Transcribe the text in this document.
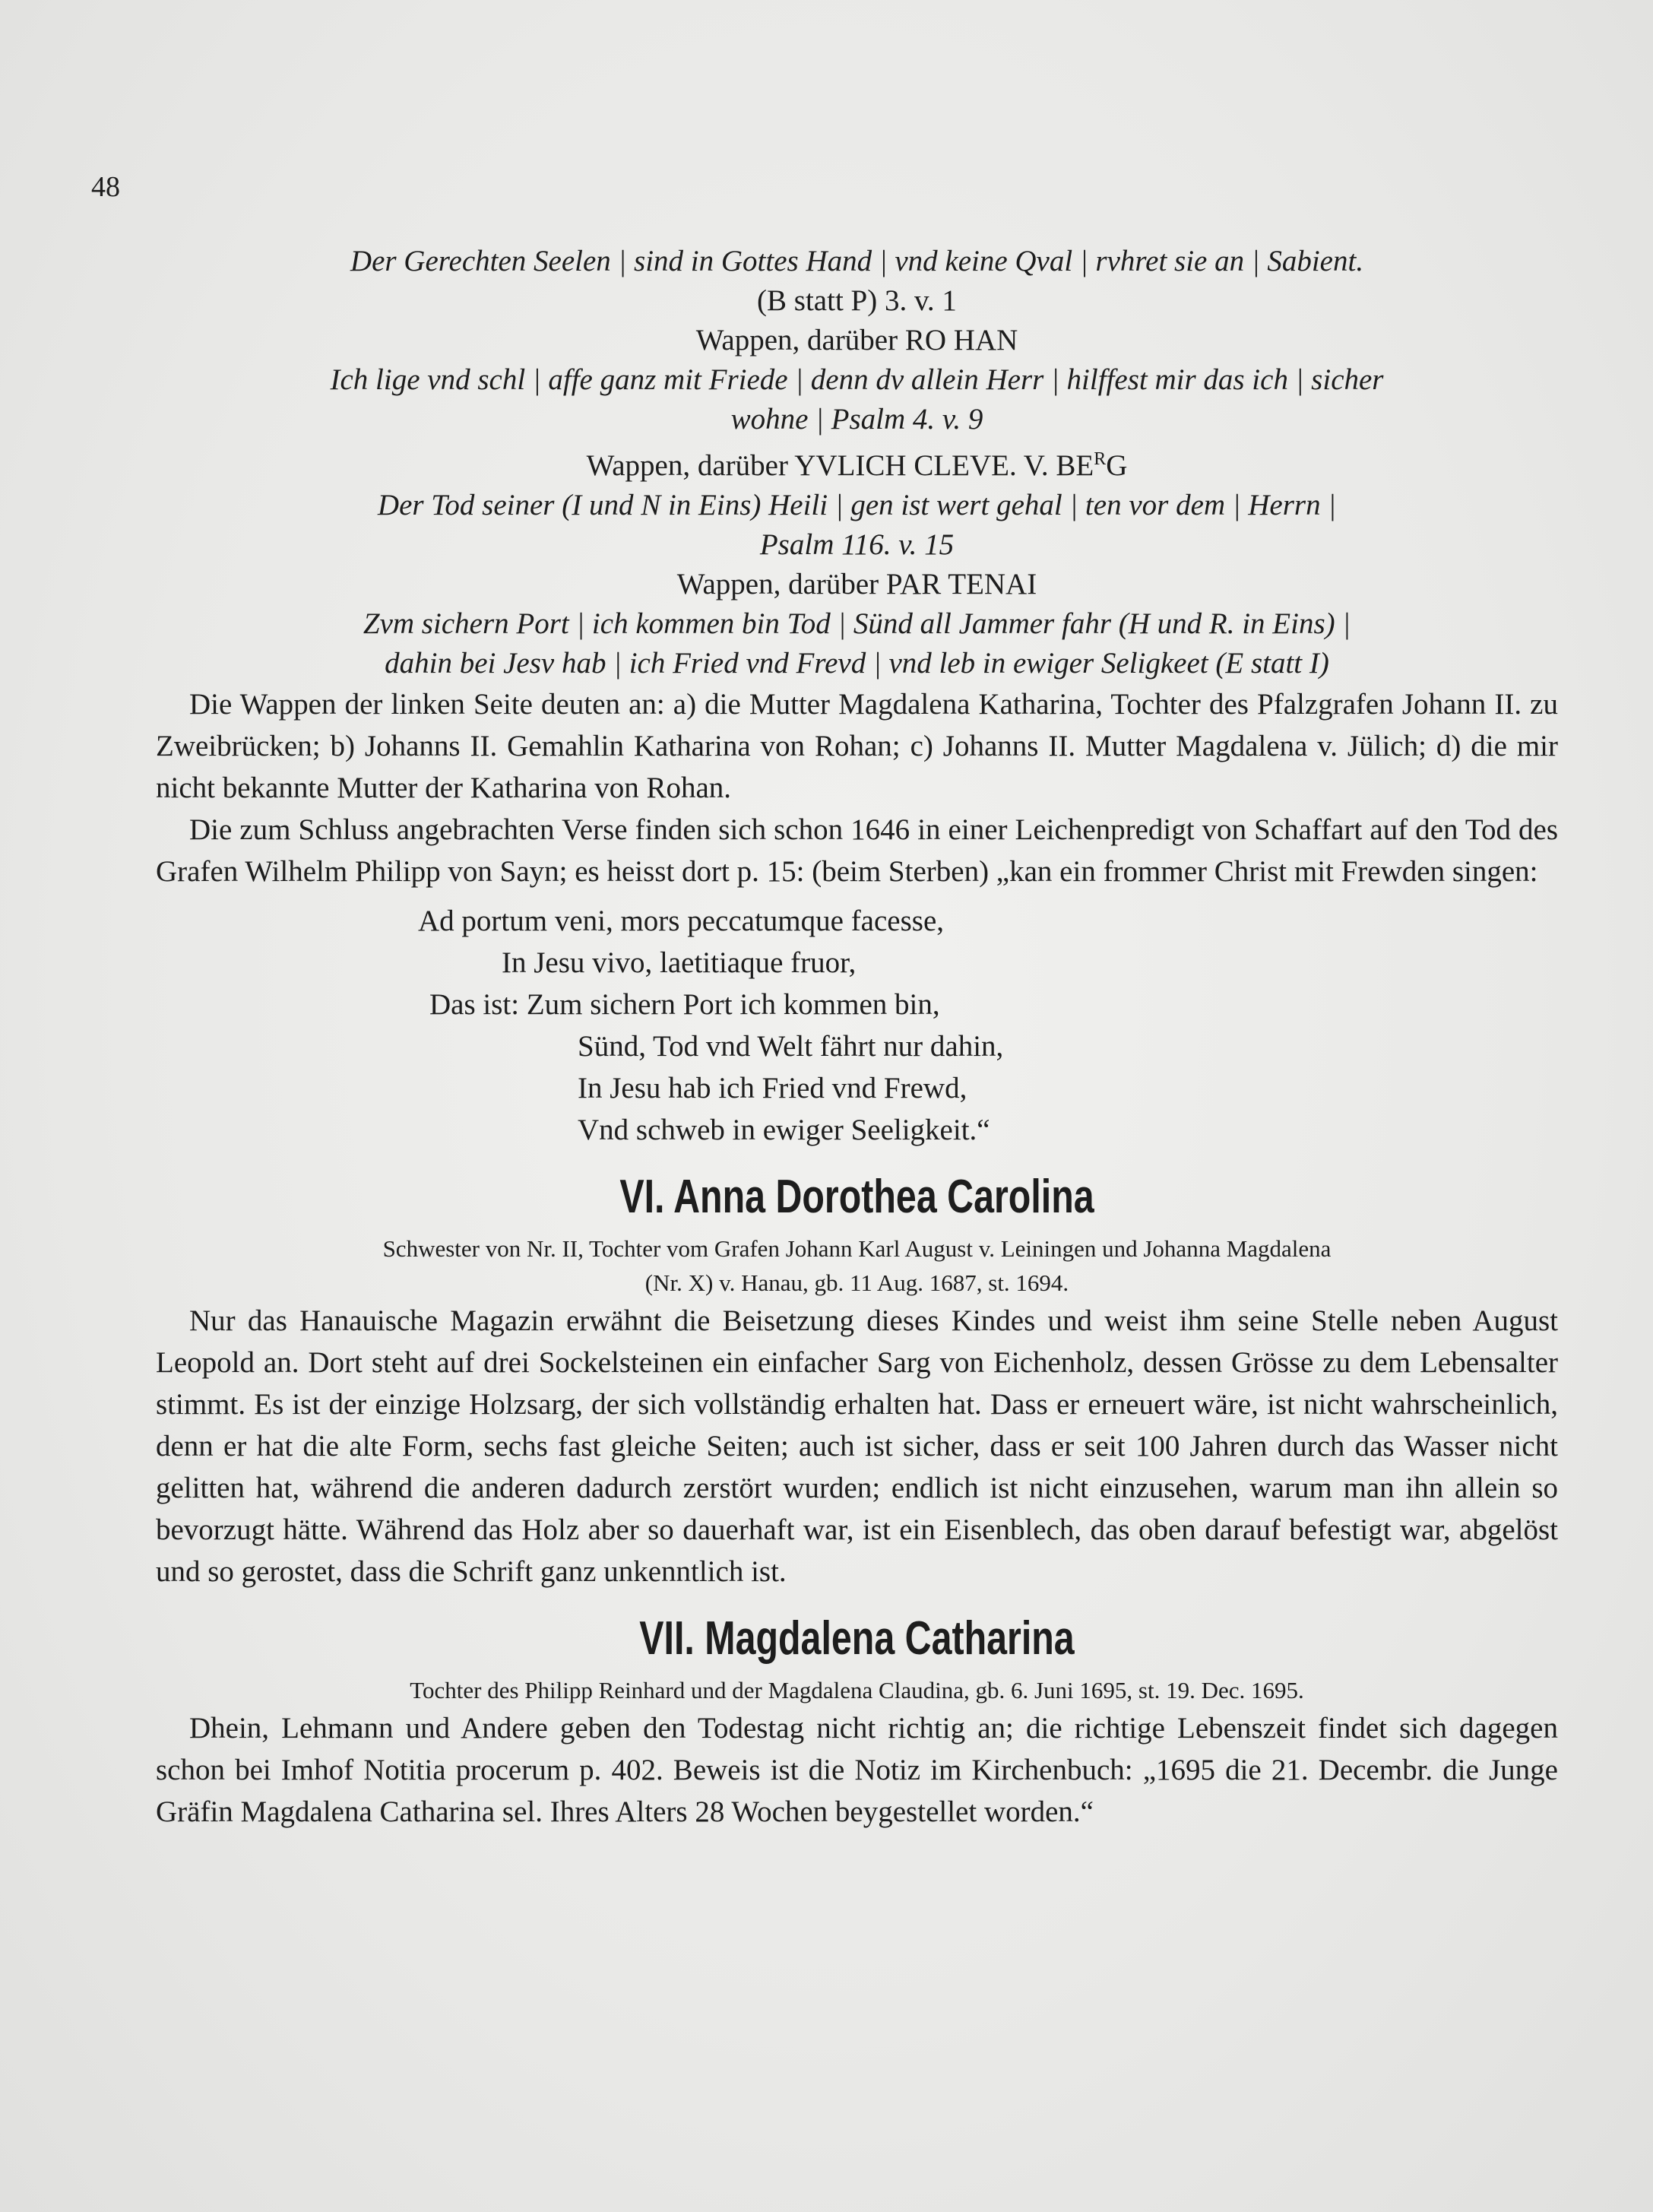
48

Der Gerechten Seelen | sind in Gottes Hand | vnd keine Qval | rvhret sie an | Sabient.

(B statt P) 3. v. 1

Wappen, darüber RO HAN

Ich lige vnd schl | affe ganz mit Friede | denn dv allein Herr | hilffest mir das ich | sicher

wohne | Psalm 4. v. 9

Wappen, darüber YVLICH CLEVE. V. $BE^RG$

Der Tod seiner (I und N in Eins) Heili | gen ist wert gehal | ten vor dem | Herrn |

Psalm 116. v. 15

Wappen, darüber PAR TENAI

Zvm sichern Port | ich kommen bin Tod | Sünd all Jammer fahr (H und R. in Eins) |

dahin bei Jesv hab | ich Fried vnd Frevd | vnd leb in ewiger Seligkeet (E statt I)

Die Wappen der linken Seite deuten an: a) die Mutter Magdalena Katharina, Tochter des Pfalzgrafen Johann II. zu Zweibrücken; b) Johanns II. Gemahlin Katharina von Rohan; c) Johanns II. Mutter Magdalena v. Jülich; d) die mir nicht bekannte Mutter der Katharina von Rohan.

Die zum Schluss angebrachten Verse finden sich schon 1646 in einer Leichenpredigt von Schaffart auf den Tod des Grafen Wilhelm Philipp von Sayn; es heisst dort p. 15: (beim Sterben) „kan ein frommer Christ mit Frewden singen:

Ad portum veni, mors peccatumque facesse,
In Jesu vivo, laetitiaque fruor,
Das ist: Zum sichern Port ich kommen bin,
Sünd, Tod vnd Welt fährt nur dahin,
In Jesu hab ich Fried vnd Frewd,
Vnd schweb in ewiger Seeligkeit.“
VI. Anna Dorothea Carolina

Schwester von Nr. II, Tochter vom Grafen Johann Karl August v. Leiningen und Johanna Magdalena

(Nr. X) v. Hanau, gb. 11 Aug. 1687, st. 1694.

Nur das Hanauische Magazin erwähnt die Beisetzung dieses Kindes und weist ihm seine Stelle neben August Leopold an. Dort steht auf drei Sockelsteinen ein einfacher Sarg von Eichenholz, dessen Grösse zu dem Lebensalter stimmt. Es ist der einzige Holzsarg, der sich vollständig erhalten hat. Dass er erneuert wäre, ist nicht wahrscheinlich, denn er hat die alte Form, sechs fast gleiche Seiten; auch ist sicher, dass er seit 100 Jahren durch das Wasser nicht gelitten hat, während die anderen dadurch zerstört wurden; endlich ist nicht einzusehen, warum man ihn allein so bevorzugt hätte. Während das Holz aber so dauerhaft war, ist ein Eisenblech, das oben darauf befestigt war, abgelöst und so gerostet, dass die Schrift ganz unkenntlich ist.

VII. Magdalena Catharina

Tochter des Philipp Reinhard und der Magdalena Claudina, gb. 6. Juni 1695, st. 19. Dec. 1695.

Dhein, Lehmann und Andere geben den Todestag nicht richtig an; die richtige Lebenszeit findet sich dagegen schon bei Imhof Notitia procerum p. 402. Beweis ist die Notiz im Kirchenbuch: „1695 die 21. Decembr. die Junge Gräfin Magdalena Catharina sel. Ihres Alters 28 Wochen beygestellet worden.“
